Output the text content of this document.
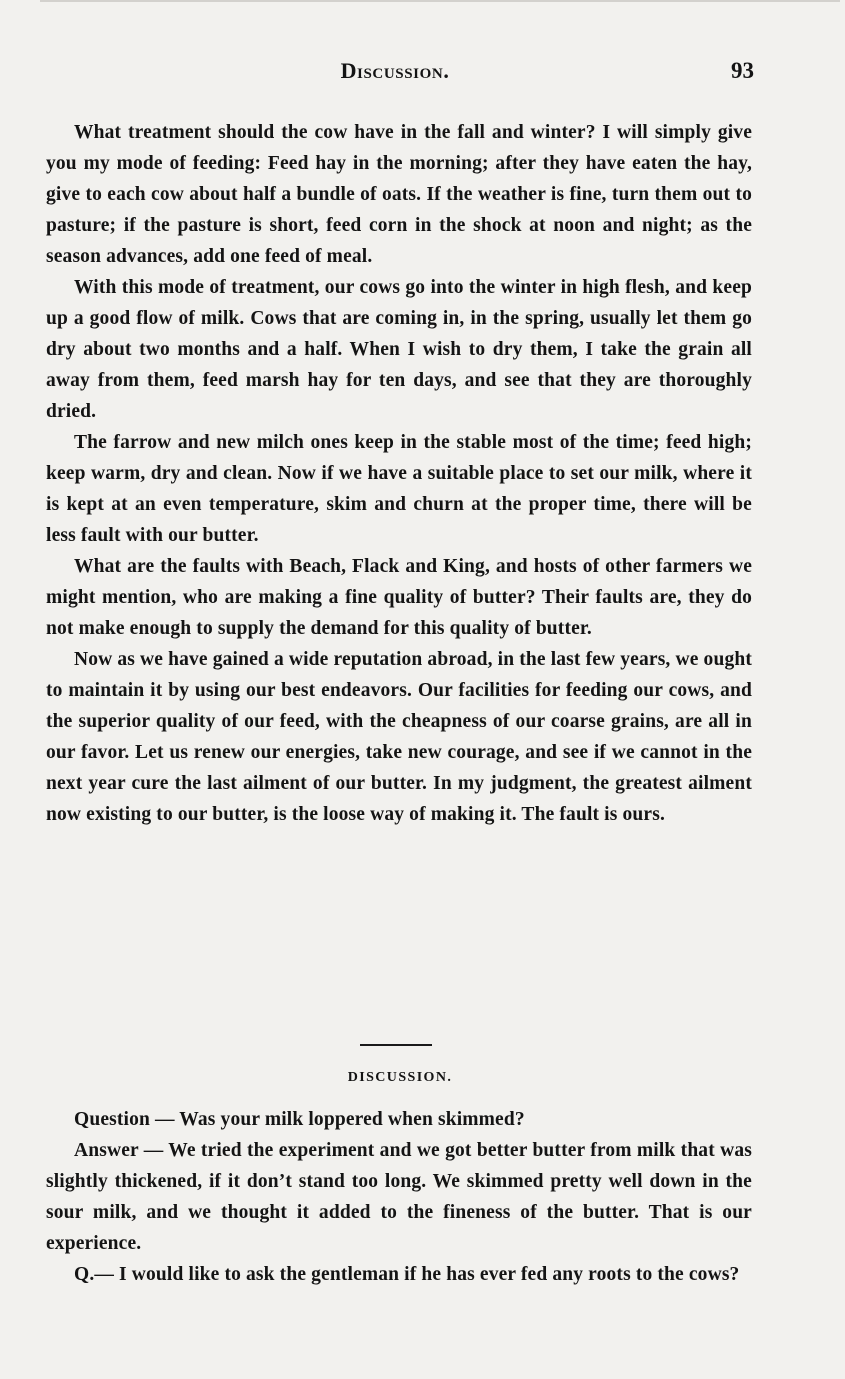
Discussion.	93

What treatment should the cow have in the fall and winter? I will simply give you my mode of feeding: Feed hay in the morning; after they have eaten the hay, give to each cow about half a bundle of oats. If the weather is fine, turn them out to pasture; if the pasture is short, feed corn in the shock at noon and night; as the season advances, add one feed of meal.

With this mode of treatment, our cows go into the winter in high flesh, and keep up a good flow of milk. Cows that are coming in, in the spring, usually let them go dry about two months and a half. When I wish to dry them, I take the grain all away from them, feed marsh hay for ten days, and see that they are thoroughly dried.

The farrow and new milch ones keep in the stable most of the time; feed high; keep warm, dry and clean. Now if we have a suitable place to set our milk, where it is kept at an even temperature, skim and churn at the proper time, there will be less fault with our butter.

What are the faults with Beach, Flack and King, and hosts of other farmers we might mention, who are making a fine quality of butter? Their faults are, they do not make enough to supply the demand for this quality of butter.

Now as we have gained a wide reputation abroad, in the last few years, we ought to maintain it by using our best endeavors. Our facilities for feeding our cows, and the superior quality of our feed, with the cheapness of our coarse grains, are all in our favor. Let us renew our energies, take new courage, and see if we cannot in the next year cure the last ailment of our butter. In my judgment, the greatest ailment now existing to our butter, is the loose way of making it. The fault is ours.

DISCUSSION.

Question — Was your milk loppered when skimmed?

Answer — We tried the experiment and we got better butter from milk that was slightly thickened, if it don’t stand too long. We skimmed pretty well down in the sour milk, and we thought it added to the fineness of the butter. That is our experience.

Q.— I would like to ask the gentleman if he has ever fed any roots to the cows?
